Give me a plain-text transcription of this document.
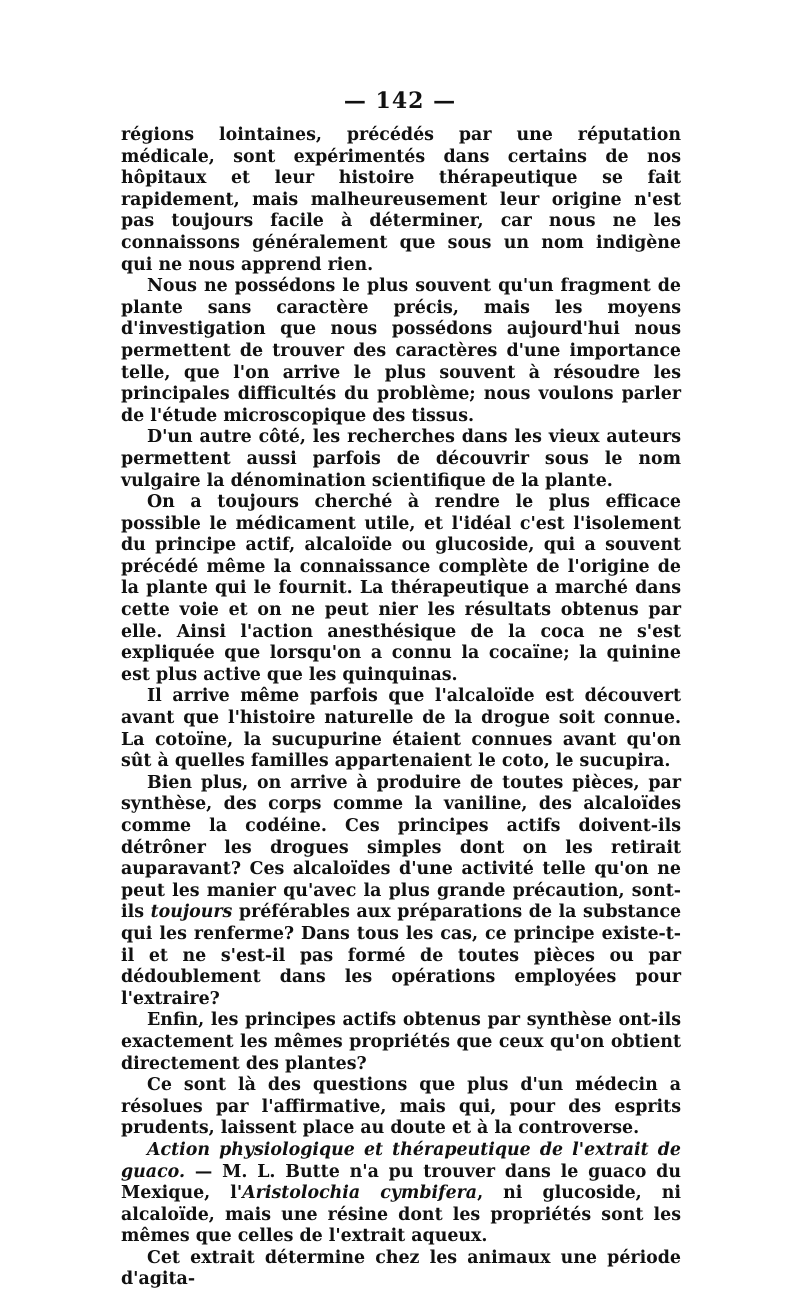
— 142 —

régions lointaines, précédés par une réputation médicale, sont expérimentés dans certains de nos hôpitaux et leur histoire thérapeutique se fait rapidement, mais malheureusement leur origine n'est pas toujours facile à déterminer, car nous ne les connaissons généralement que sous un nom indigène qui ne nous apprend rien.

Nous ne possédons le plus souvent qu'un fragment de plante sans caractère précis, mais les moyens d'investigation que nous possédons aujourd'hui nous permettent de trouver des caractères d'une importance telle, que l'on arrive le plus souvent à résoudre les principales difficultés du problème; nous voulons parler de l'étude microscopique des tissus.

D'un autre côté, les recherches dans les vieux auteurs permettent aussi parfois de découvrir sous le nom vulgaire la dénomination scientifique de la plante.

On a toujours cherché à rendre le plus efficace possible le médicament utile, et l'idéal c'est l'isolement du principe actif, alcaloïde ou glucoside, qui a souvent précédé même la connaissance complète de l'origine de la plante qui le fournit. La thérapeutique a marché dans cette voie et on ne peut nier les résultats obtenus par elle. Ainsi l'action anesthésique de la coca ne s'est expliquée que lorsqu'on a connu la cocaïne; la quinine est plus active que les quinquinas.

Il arrive même parfois que l'alcaloïde est découvert avant que l'histoire naturelle de la drogue soit connue. La cotoïne, la sucupurine étaient connues avant qu'on sût à quelles familles appartenaient le coto, le sucupira.

Bien plus, on arrive à produire de toutes pièces, par synthèse, des corps comme la vaniline, des alcaloïdes comme la codéine. Ces principes actifs doivent-ils détrôner les drogues simples dont on les retirait auparavant? Ces alcaloïdes d'une activité telle qu'on ne peut les manier qu'avec la plus grande précaution, sont-ils toujours préférables aux préparations de la substance qui les renferme? Dans tous les cas, ce principe existe-t-il et ne s'est-il pas formé de toutes pièces ou par dédoublement dans les opérations employées pour l'extraire?

Enfin, les principes actifs obtenus par synthèse ont-ils exactement les mêmes propriétés que ceux qu'on obtient directement des plantes?

Ce sont là des questions que plus d'un médecin a résolues par l'affirmative, mais qui, pour des esprits prudents, laissent place au doute et à la controverse.

Action physiologique et thérapeutique de l'extrait de guaco. — M. L. Butte n'a pu trouver dans le guaco du Mexique, l'Aristolochia cymbifera, ni glucoside, ni alcaloïde, mais une résine dont les propriétés sont les mêmes que celles de l'extrait aqueux.

Cet extrait détermine chez les animaux une période d'agita-
